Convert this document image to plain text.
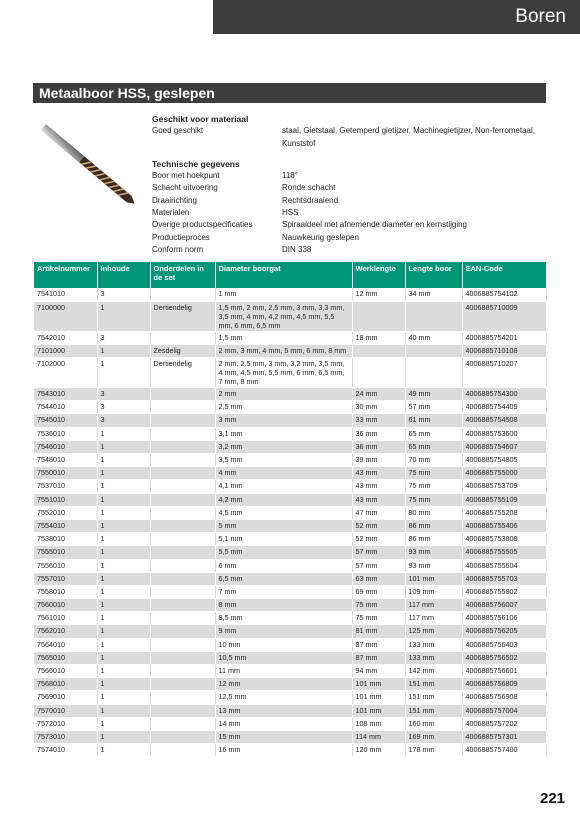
Boren
Metaalboor HSS, geslepen
Geschikt voor materiaal
Goed geschikt	staal, Gietstaal, Getemperd gietijzer, Machinegietijzer, Non-ferrometaal, Kunststof
Technische gegevens
Boor met hoekpunt	118°
Schacht uitvoering	Ronde schacht
Draairichting	Rechtsdraaiend
Materialen	HSS
Overige productspecificaties	Spiraaldeel met afnemende diameter en kernstijging
Productieproces	Nauwkeurig geslepen
Conform norm	DIN 338
Artikelnummer	Inhoude	Onderdelen in de set	Diameter boorgat	Werklengte	Lengte boor	EAN-Code
7541010	3		1 mm	12 mm	34 mm	4006885754102
7100000	1	Dertiendelig	1,5 mm, 2 mm, 2,5 mm, 3 mm, 3,3 mm, 3,5 mm, 4 mm, 4,2 mm, 4,5 mm, 5,5 mm, 6 mm, 6,5 mm			4006885710009
7542010	3		1,5 mm	18 mm	40 mm	4006885754201
7101000	1	Zesdelig	2 mm, 3 mm, 4 mm, 5 mm, 6 mm, 8 mm			4006885710108
7102000	1	Dertiendelig	2 mm, 2,5 mm, 3 mm, 3,2 mm, 3,5 mm, 4 mm, 4,5 mm, 5,5 mm, 6 mm, 6,5 mm, 7 mm, 8 mm			4006885710207
7543010	3		2 mm	24 mm	49 mm	4006885754300
7544010	3		2,5 mm	30 mm	57 mm	4006885754409
7545010	3		3 mm	33 mm	61 mm	4006885754508
7536010	1		3,1 mm	36 mm	65 mm	4006885753600
7546010	1		3,2 mm	36 mm	65 mm	4006885754607
7548010	1		3,5 mm	39 mm	70 mm	4006885754805
7550010	1		4 mm	43 mm	75 mm	4006885755000
7537010	1		4,1 mm	43 mm	75 mm	4006885753709
7551010	1		4,2 mm	43 mm	75 mm	4006885755109
7552010	1		4,5 mm	47 mm	80 mm	4006885755208
7554010	1		5 mm	52 mm	86 mm	4006885755406
7538010	1		5,1 mm	52 mm	86 mm	4006885753808
7555010	1		5,5 mm	57 mm	93 mm	4006885755505
7556010	1		6 mm	57 mm	93 mm	4006885755604
7557010	1		6,5 mm	63 mm	101 mm	4006885755703
7558010	1		7 mm	69 mm	109 mm	4006885755802
7560010	1		8 mm	75 mm	117 mm	4006885756007
7561010	1		8,5 mm	75 mm	117 mm	4006885756106
7562010	1		9 mm	81 mm	125 mm	4006885756205
7564010	1		10 mm	87 mm	133 mm	4006885756403
7565010	1		10,5 mm	87 mm	133 mm	4006885756502
7566010	1		11 mm	94 mm	142 mm	4006885756601
7568010	1		12 mm	101 mm	151 mm	4006885756809
7569010	1		12,5 mm	101 mm	151 mm	4006885756908
7570010	1		13 mm	101 mm	151 mm	4006885757004
7572010	1		14 mm	108 mm	160 mm	4006885757202
7573010	1		15 mm	114 mm	169 mm	4006885757301
7574010	1		16 mm	120 mm	178 mm	4006885757400
221
